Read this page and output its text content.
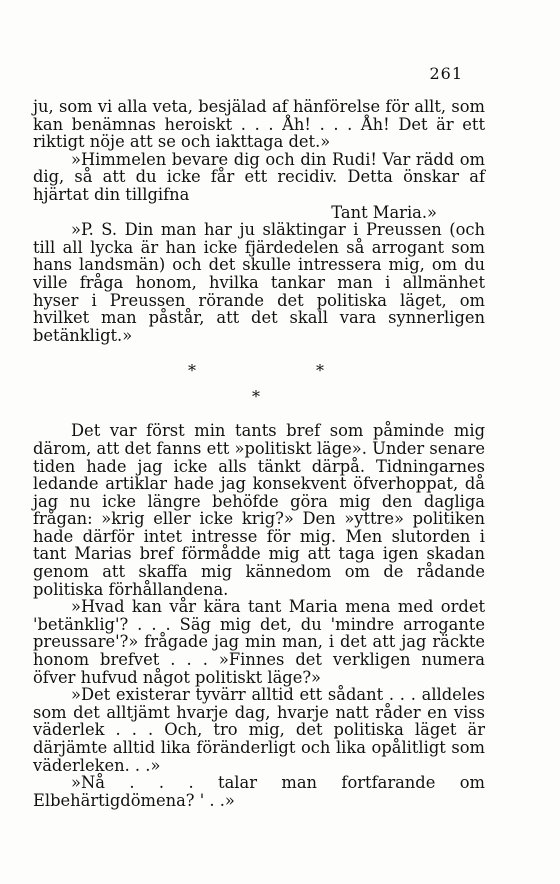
261

ju, som vi alla veta, besjälad af hänförelse för allt, som kan benämnas heroiskt . . . Åh! . . . Åh! Det är ett riktigt nöje att se och iakttaga det.»

»Himmelen bevare dig och din Rudi! Var rädd om dig, så att du icke får ett recidiv. Detta önskar af hjärtat din tillgifna

Tant Maria.»

»P. S. Din man har ju släktingar i Preussen (och till all lycka är han icke fjärdedelen så arrogant som hans landsmän) och det skulle intressera mig, om du ville fråga honom, hvilka tankar man i allmänhet hyser i Preussen rörande det politiska läget, om hvilket man påstår, att det skall vara synnerligen betänkligt.»

*	*
*

Det var först min tants bref som påminde mig därom, att det fanns ett »politiskt läge». Under senare tiden hade jag icke alls tänkt därpå. Tidningarnes ledande artiklar hade jag konsekvent öfverhoppat, då jag nu icke längre behöfde göra mig den dagliga frågan: »krig eller icke krig?» Den »yttre» politiken hade därför intet intresse för mig. Men slutorden i tant Marias bref förmådde mig att taga igen skadan genom att skaffa mig kännedom om de rådande politiska förhållandena.

»Hvad kan vår kära tant Maria mena med ordet 'betänklig'? . . . Säg mig det, du 'mindre arrogante preussare'?» frågade jag min man, i det att jag räckte honom brefvet . . . »Finnes det verkligen numera öfver hufvud något politiskt läge?»

»Det existerar tyvärr alltid ett sådant . . . alldeles som det alltjämt hvarje dag, hvarje natt råder en viss väderlek . . . Och, tro mig, det politiska läget är därjämte alltid lika föränderligt och lika opålitligt som väderleken. . .»

»Nå . . . talar man fortfarande om Elbehärtigdömena? ' . .»
